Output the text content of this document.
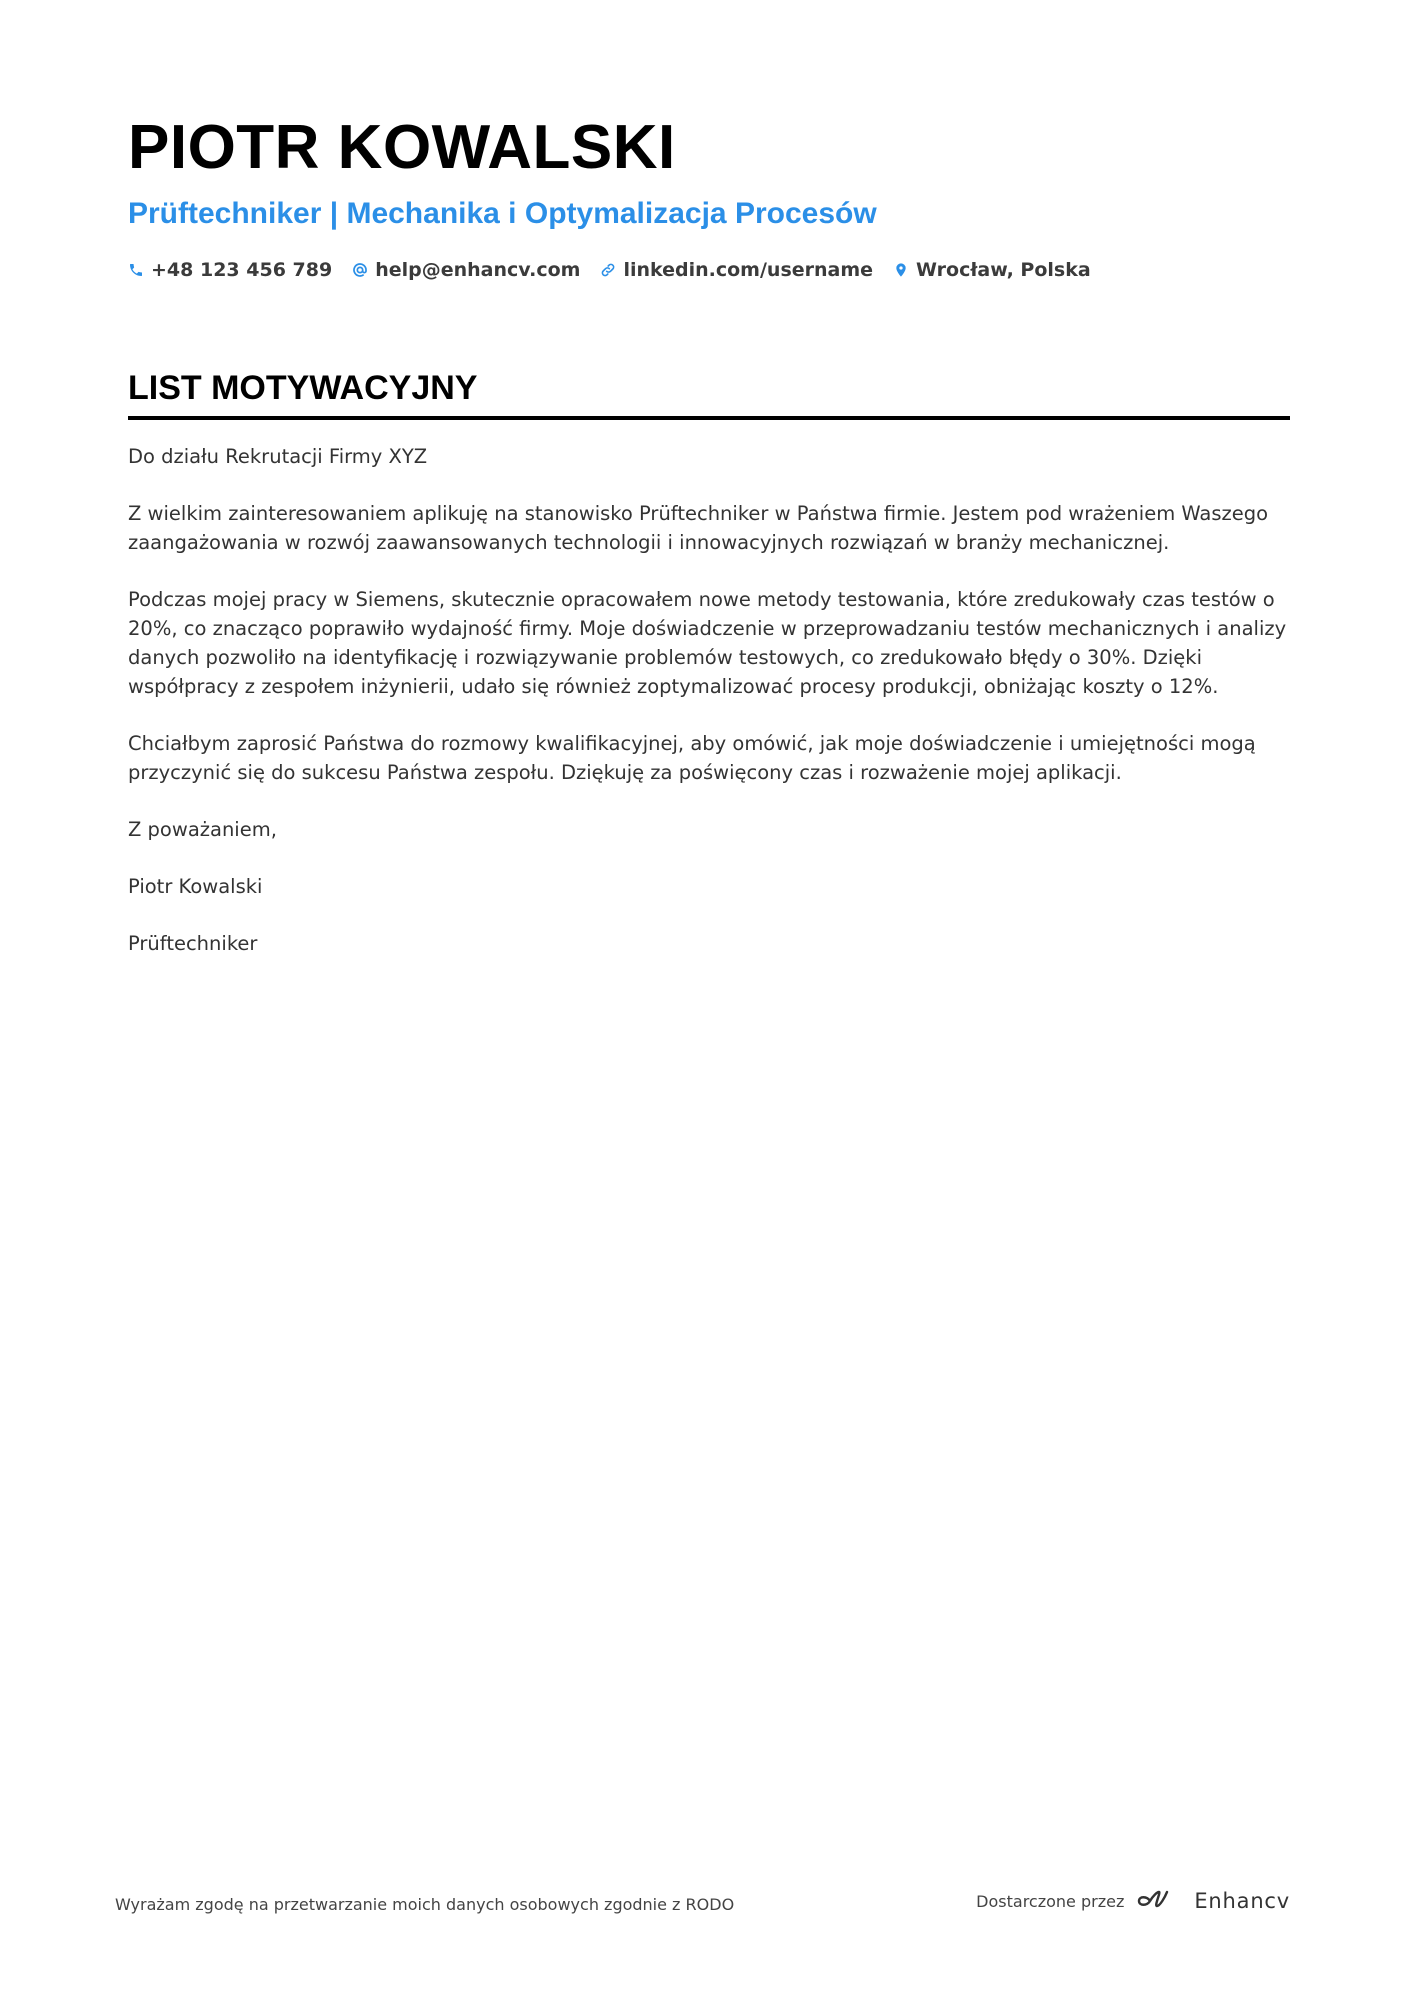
PIOTR KOWALSKI
Prüftechniker | Mechanika i Optymalizacja Procesów
+48 123 456 789 help@enhancv.com linkedin.com/username Wrocław, Polska
LIST MOTYWACYJNY

Do działu Rekrutacji Firmy XYZ

Z wielkim zainteresowaniem aplikuję na stanowisko Prüftechniker w Państwa firmie. Jestem pod wrażeniem Waszego zaangażowania w rozwój zaawansowanych technologii i innowacyjnych rozwiązań w branży mechanicznej.

Podczas mojej pracy w Siemens, skutecznie opracowałem nowe metody testowania, które zredukowały czas testów o 20%, co znacząco poprawiło wydajność firmy. Moje doświadczenie w przeprowadzaniu testów mechanicznych i analizy danych pozwoliło na identyfikację i rozwiązywanie problemów testowych, co zredukowało błędy o 30%. Dzięki współpracy z zespołem inżynierii, udało się również zoptymalizować procesy produkcji, obniżając koszty o 12%.

Chciałbym zaprosić Państwa do rozmowy kwalifikacyjnej, aby omówić, jak moje doświadczenie i umiejętności mogą przyczynić się do sukcesu Państwa zespołu. Dziękuję za poświęcony czas i rozważenie mojej aplikacji.

Z poważaniem,

Piotr Kowalski

Prüftechniker

Wyrażam zgodę na przetwarzanie moich danych osobowych zgodnie z RODO	Dostarczone przez	Enhancv
